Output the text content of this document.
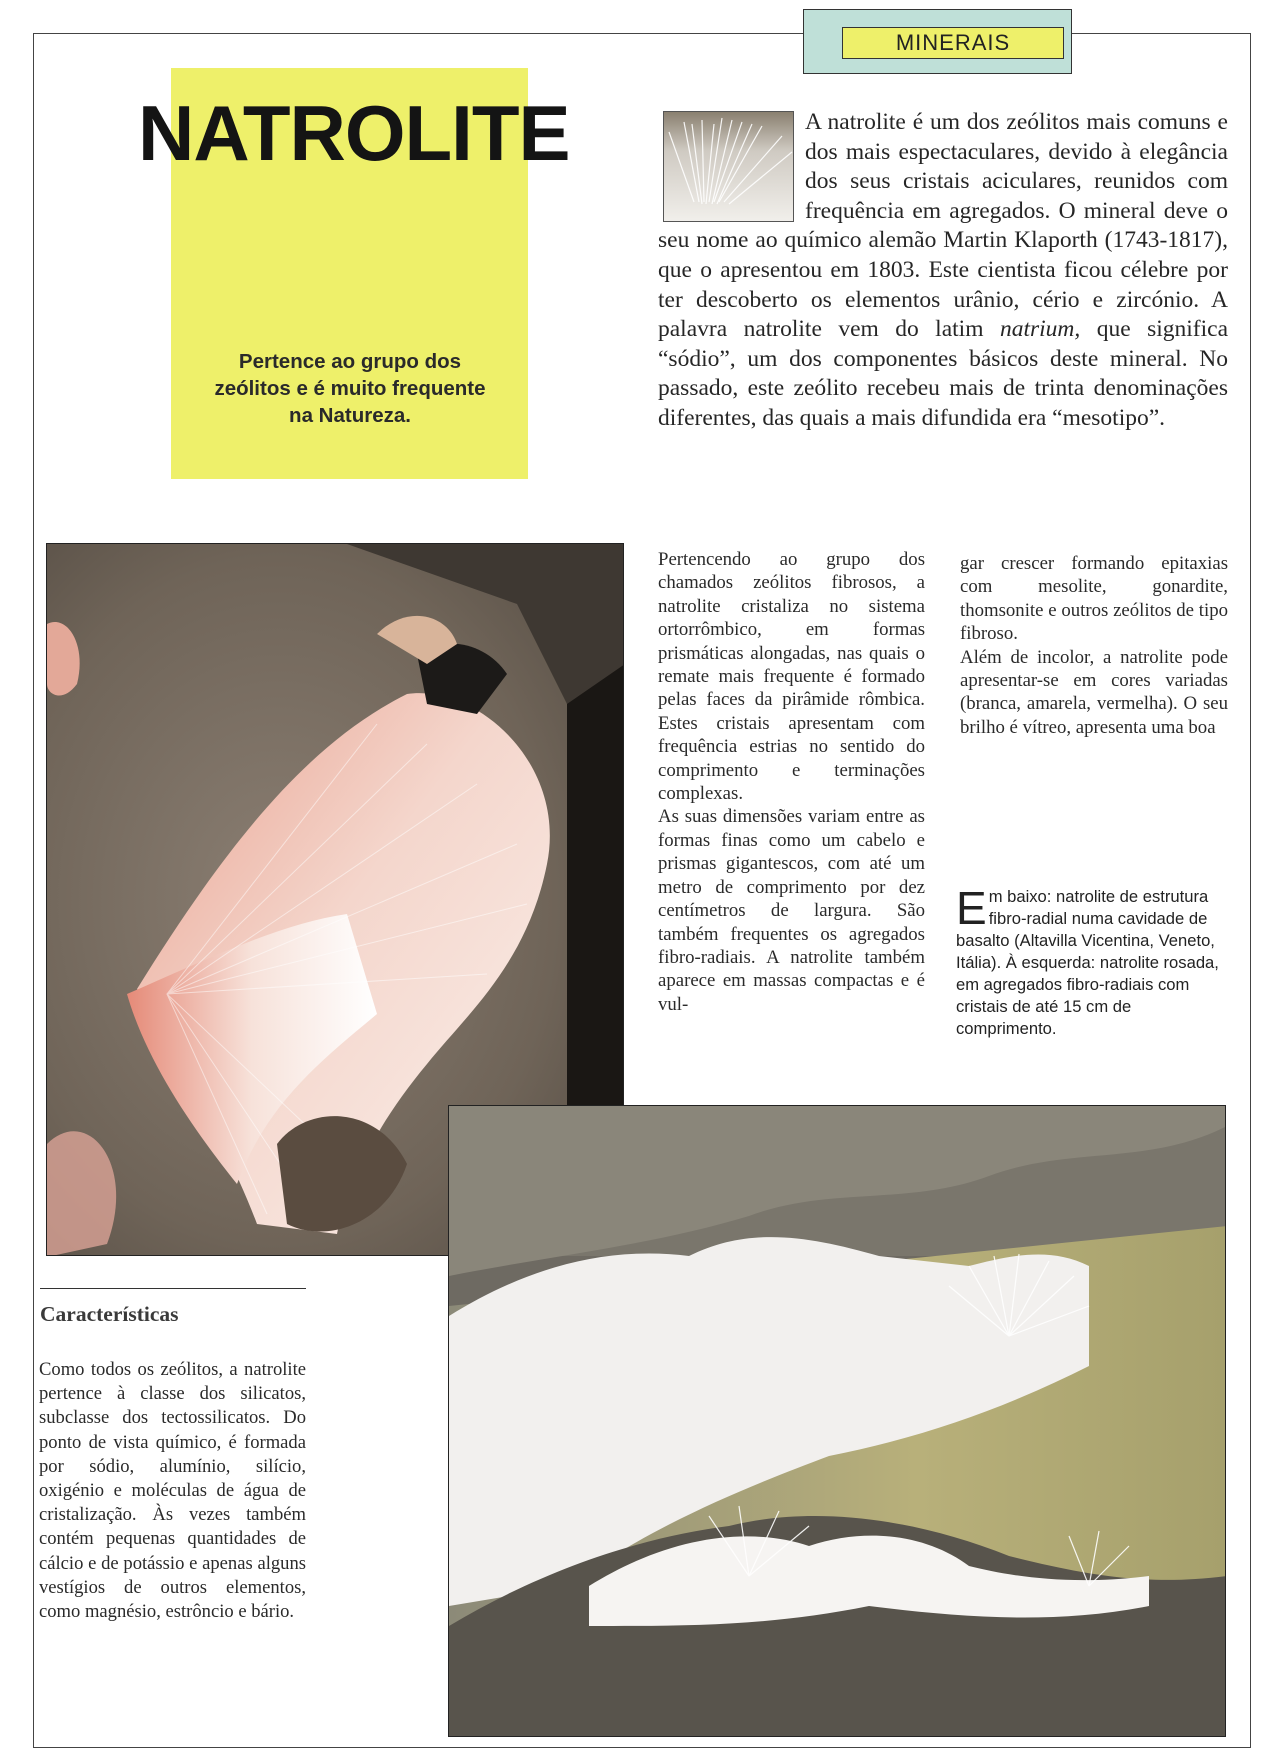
MINERAIS
NATROLITE
Pertence ao grupo dos zeólitos e é muito frequente na Natureza.

A natrolite é um dos zeólitos mais comuns e dos mais espectaculares, devido à elegância dos seus cristais aciculares, reunidos com frequência em agregados. O mineral deve o seu nome ao químico alemão Martin Klaporth (1743-1817), que o apresentou em 1803. Este cientista ficou célebre por ter descoberto os elementos urânio, cério e zircónio. A palavra natrolite vem do latim natrium, que significa “sódio”, um dos componentes básicos deste mineral. No passado, este zeólito recebeu mais de trinta denominações diferentes, das quais a mais difundida era “mesotipo”.

Pertencendo ao grupo dos chamados zeólitos fibrosos, a natrolite cristaliza no sistema ortorrômbico, em formas prismáticas alongadas, nas quais o remate mais frequente é formado pelas faces da pirâmide rômbica. Estes cristais apresentam com frequência estrias no sentido do comprimento e terminações complexas.

As suas dimensões variam entre as formas finas como um cabelo e prismas gigantescos, com até um metro de comprimento por dez centímetros de largura. São também frequentes os agregados fibro-radiais. A natrolite também aparece em massas compactas e é vul-

gar crescer formando epitaxias com mesolite, gonardite, thomsonite e outros zeólitos de tipo fibroso.

Além de incolor, a natrolite pode apresentar-se em cores variadas (branca, amarela, vermelha). O seu brilho é vítreo, apresenta uma boa

Em baixo: natrolite de estrutura fibro-radial numa cavidade de basalto (Altavilla Vicentina, Veneto, Itália). À esquerda: natrolite rosada, em agregados fibro-radiais com cristais de até 15 cm de comprimento.
Características

Como todos os zeólitos, a natrolite pertence à classe dos silicatos, subclasse dos tectossilicatos. Do ponto de vista químico, é formada por sódio, alumínio, silício, oxigénio e moléculas de água de cristalização. Às vezes também contém pequenas quantidades de cálcio e de potássio e apenas alguns vestígios de outros elementos, como magnésio, estrôncio e bário.
